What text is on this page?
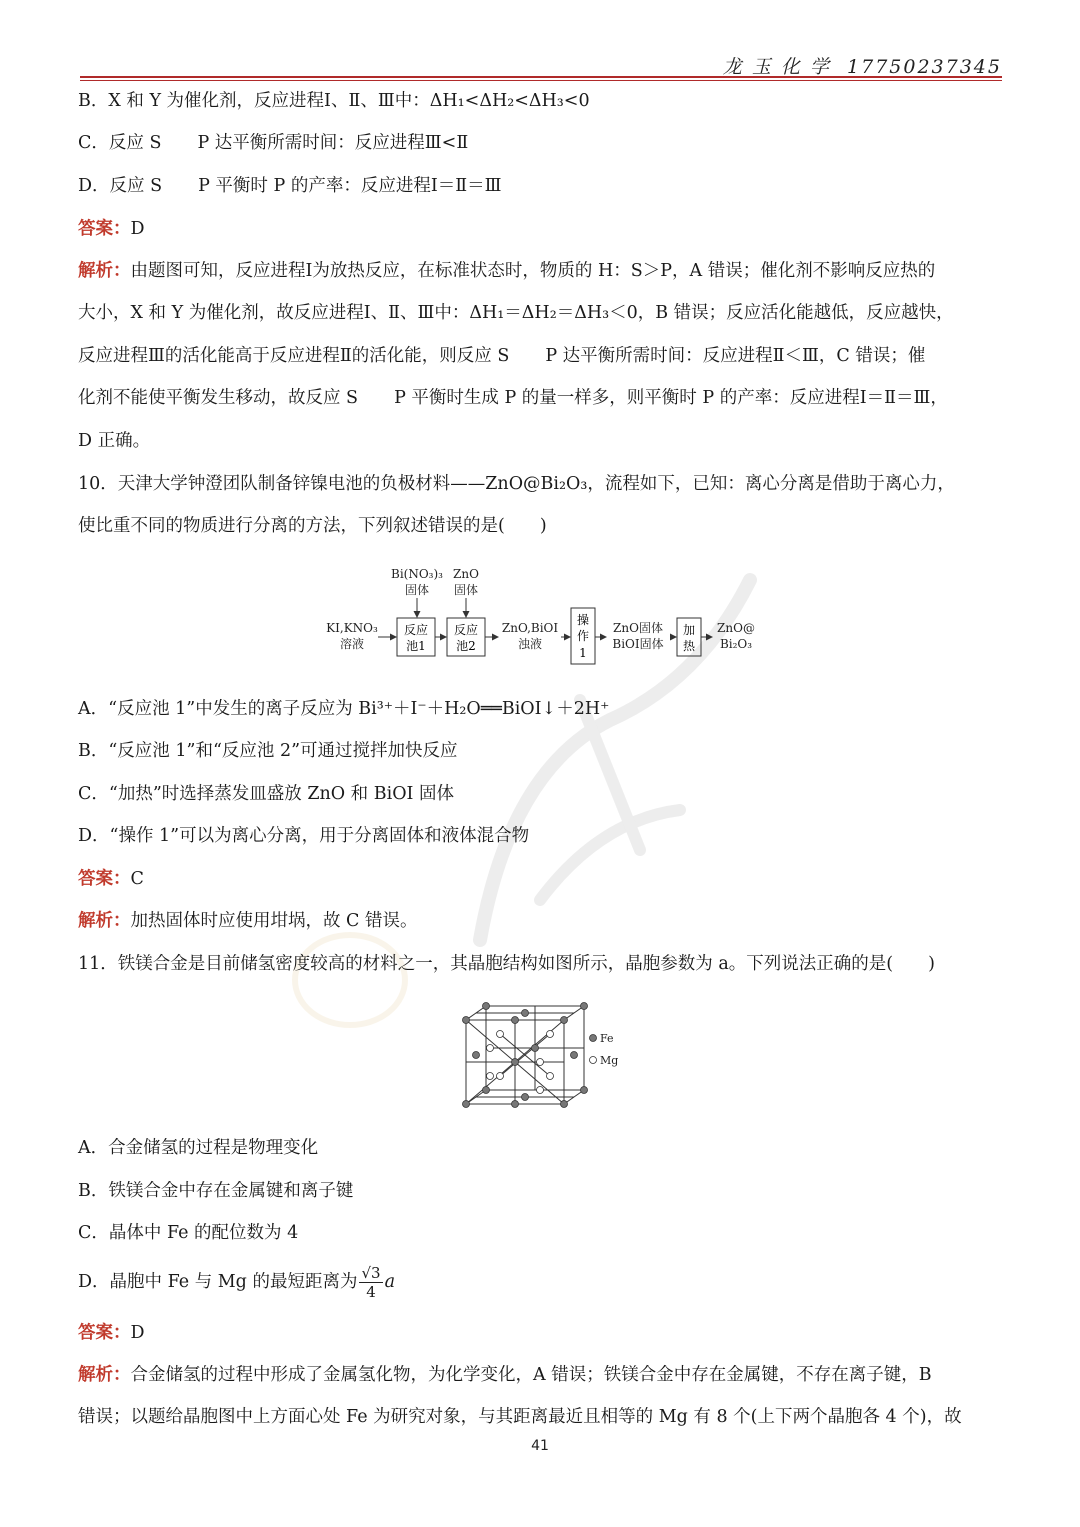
龙 玉 化 学 17750237345
B．X 和 Y 为催化剂，反应进程Ⅰ、Ⅱ、Ⅲ中：ΔH₁<ΔH₂<ΔH₃<0
C．反应 S P 达平衡所需时间：反应进程Ⅲ<Ⅱ
D．反应 S P 平衡时 P 的产率：反应进程Ⅰ＝Ⅱ＝Ⅲ
答案：D
解析：由题图可知，反应进程Ⅰ为放热反应，在标准状态时，物质的 H：S＞P，A 错误；催化剂不影响反应热的
大小，X 和 Y 为催化剂，故反应进程Ⅰ、Ⅱ、Ⅲ中：ΔH₁＝ΔH₂＝ΔH₃＜0，B 错误；反应活化能越低，反应越快，
反应进程Ⅲ的活化能高于反应进程Ⅱ的活化能，则反应 S P 达平衡所需时间：反应进程Ⅱ＜Ⅲ，C 错误；催
化剂不能使平衡发生移动，故反应 S P 平衡时生成 P 的量一样多，则平衡时 P 的产率：反应进程Ⅰ＝Ⅱ＝Ⅲ，
D 正确。
10．天津大学钟澄团队制备锌镍电池的负极材料——ZnO@Bi₂O₃，流程如下，已知：离心分离是借助于离心力，
使比重不同的物质进行分离的方法，下列叙述错误的是(　　)
Bi(NO₃)₃
固体
ZnO
固体
KI,KNO₃
溶液
ZnO,BiOI
浊液
ZnO固体
BiOI固体
ZnO@
Bi₂O₃
反应
池1
反应
池2
操
作
1
加
热
A．“反应池 1”中发生的离子反应为 Bi³⁺＋I⁻＋H₂O══BiOI↓＋2H⁺
B．“反应池 1”和“反应池 2”可通过搅拌加快反应
C．“加热”时选择蒸发皿盛放 ZnO 和 BiOI 固体
D．“操作 1”可以为离心分离，用于分离固体和液体混合物
答案：C
解析：加热固体时应使用坩埚，故 C 错误。
11．铁镁合金是目前储氢密度较高的材料之一，其晶胞结构如图所示，晶胞参数为 a。下列说法正确的是(　　)
Fe
Mg
A．合金储氢的过程是物理变化
B．铁镁合金中存在金属键和离子键
C．晶体中 Fe 的配位数为 4
D．晶胞中 Fe 与 Mg 的最短距离为 $\frac{√3}{4}$ a
答案：D
解析：合金储氢的过程中形成了金属氢化物，为化学变化，A 错误；铁镁合金中存在金属键，不存在离子键，B
错误；以题给晶胞图中上方面心处 Fe 为研究对象，与其距离最近且相等的 Mg 有 8 个(上下两个晶胞各 4 个)，故
41
